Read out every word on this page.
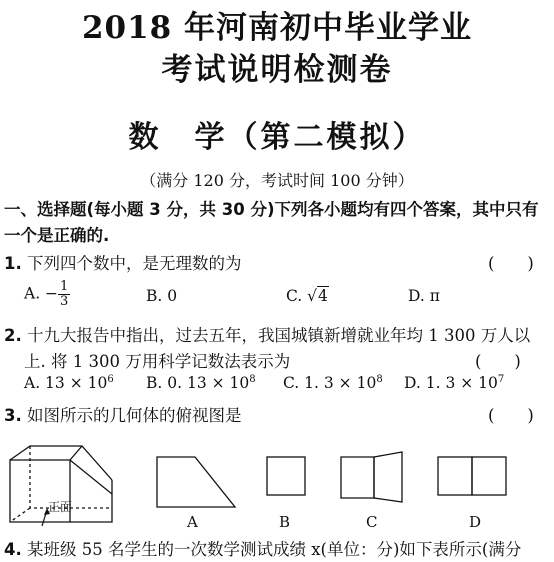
2018 年河南初中毕业学业
考试说明检测卷
数　学（第二模拟）
（满分 120 分，考试时间 100 分钟）
一、选择题(每小题 3 分，共 30 分)下列各小题均有四个答案，其中只有
一个是正确的.
1. 下列四个数中，是无理数的为	(　　)
A. − $\frac{1}{3}$	B. 0	C. √4	D. π
2. 十九大报告中指出，过去五年，我国城镇新增就业年均 1 300 万人以
上. 将 1 300 万用科学记数法表示为	(　　)
A. $13 \times 10^6$ B. 0. $13 \times 10^8$ C. 1. $3 \times 10^8$ D. 1. $3 \times 10^7$
3. 如图所示的几何体的俯视图是	(　　)
正面
A	B	C	D
4. 某班级 55 名学生的一次数学测试成绩 x(单位：分)如下表所示(满分
